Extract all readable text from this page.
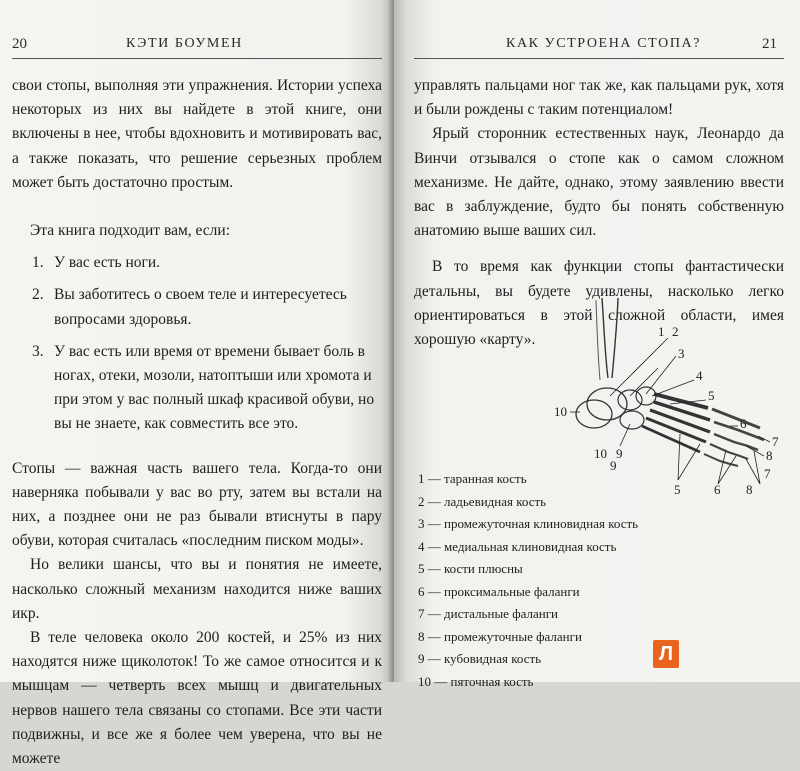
20	КЭТИ БОУМЕН

свои стопы, выполняя эти упражнения. Истории успеха некоторых из них вы найдете в этой книге, они включены в нее, чтобы вдохновить и мотивировать вас, а также показать, что решение серьезных проблем может быть достаточно простым.

Эта книга подходит вам, если:

1. У вас есть ноги.
2. Вы заботитесь о своем теле и интересуетесь вопросами здоровья.
3. У вас есть или время от времени бывает боль в ногах, отеки, мозоли, натоптыши или хромота и при этом у вас полный шкаф красивой обуви, но вы не знаете, как совместить все это.

Стопы — важная часть вашего тела. Когда-то они наверняка побывали у вас во рту, затем вы встали на них, а позднее они не раз бывали втиснуты в пару обуви, которая считалась «последним писком моды».

Но велики шансы, что вы и понятия не имеете, насколько сложный механизм находится ниже ваших икр.

В теле человека около 200 костей, и 25% из них находятся ниже щиколоток! То же самое относится и к мышцам — четверть всех мышц и двигательных нервов нашего тела связаны со стопами. Все эти части подвижны, и все же я более чем уверена, что вы не можете

КАК УСТРОЕНА СТОПА?	21

управлять пальцами ног так же, как пальцами рук, хотя и были рождены с таким потенциалом!

Ярый сторонник естественных наук, Леонардо да Винчи отзывался о стопе как о самом сложном механизме. Не дайте, однако, этому заявлению ввести вас в заблуждение, будто бы понять собственную анатомию выше ваших сил.

В то время как функции стопы фантастически детальны, вы будете удивлены, насколько легко ориентироваться в этой сложной области, имея хорошую «карту».	1 2
3
4
5
6
7
8
9
10
5	6
7
8
9
10
1 — таранная кость
2 — ладьевидная кость
3 — промежуточная клиновидная кость
4 — медиальная клиновидная кость
5 — кости плюсны
6 — проксимальные фаланги
7 — дистальные фаланги
8 — промежуточные фаланги
9 — кубовидная кость
10 — пяточная кость
Л
